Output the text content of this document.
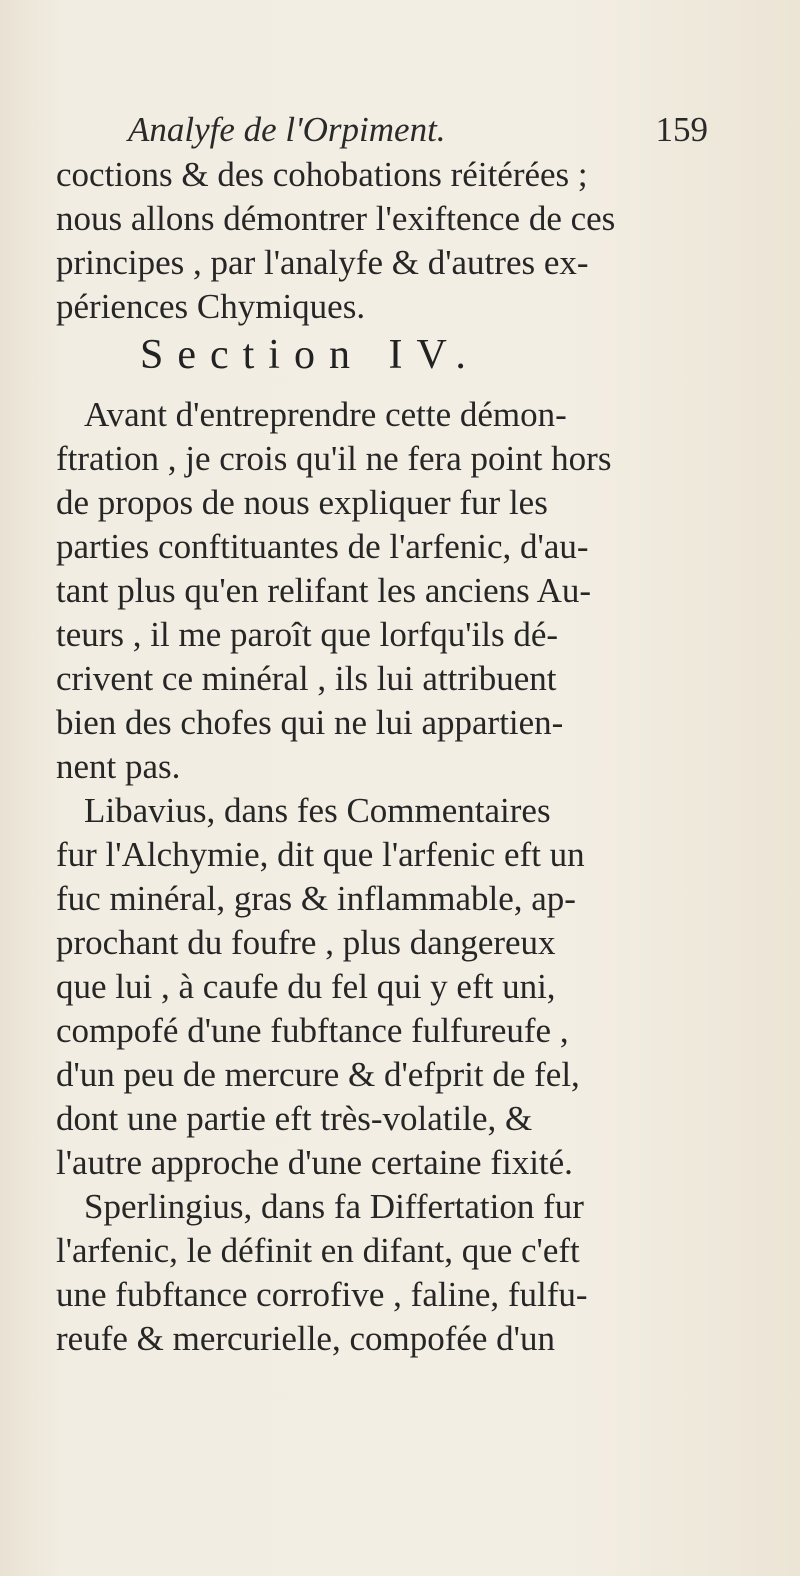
Analyfe de l'Orpiment.	159
coctions & des cohobations réitérées ;
nous allons démontrer l'exiftence de ces
principes , par l'analyfe & d'autres ex-
périences Chymiques.
Section IV.
Avant d'entreprendre cette démon-
ftration , je crois qu'il ne fera point hors
de propos de nous expliquer fur les
parties conftituantes de l'arfenic, d'au-
tant plus qu'en relifant les anciens Au-
teurs , il me paroît que lorfqu'ils dé-
crivent ce minéral , ils lui attribuent
bien des chofes qui ne lui appartien-
nent pas.
Libavius, dans fes Commentaires
fur l'Alchymie, dit que l'arfenic eft un
fuc minéral, gras & inflammable, ap-
prochant du foufre , plus dangereux
que lui , à caufe du fel qui y eft uni,
compofé d'une fubftance fulfureufe ,
d'un peu de mercure & d'efprit de fel,
dont une partie eft très-volatile, &
l'autre approche d'une certaine fixité.
Sperlingius, dans fa Differtation fur
l'arfenic, le définit en difant, que c'eft
une fubftance corrofive , faline, fulfu-
reufe & mercurielle, compofée d'un
